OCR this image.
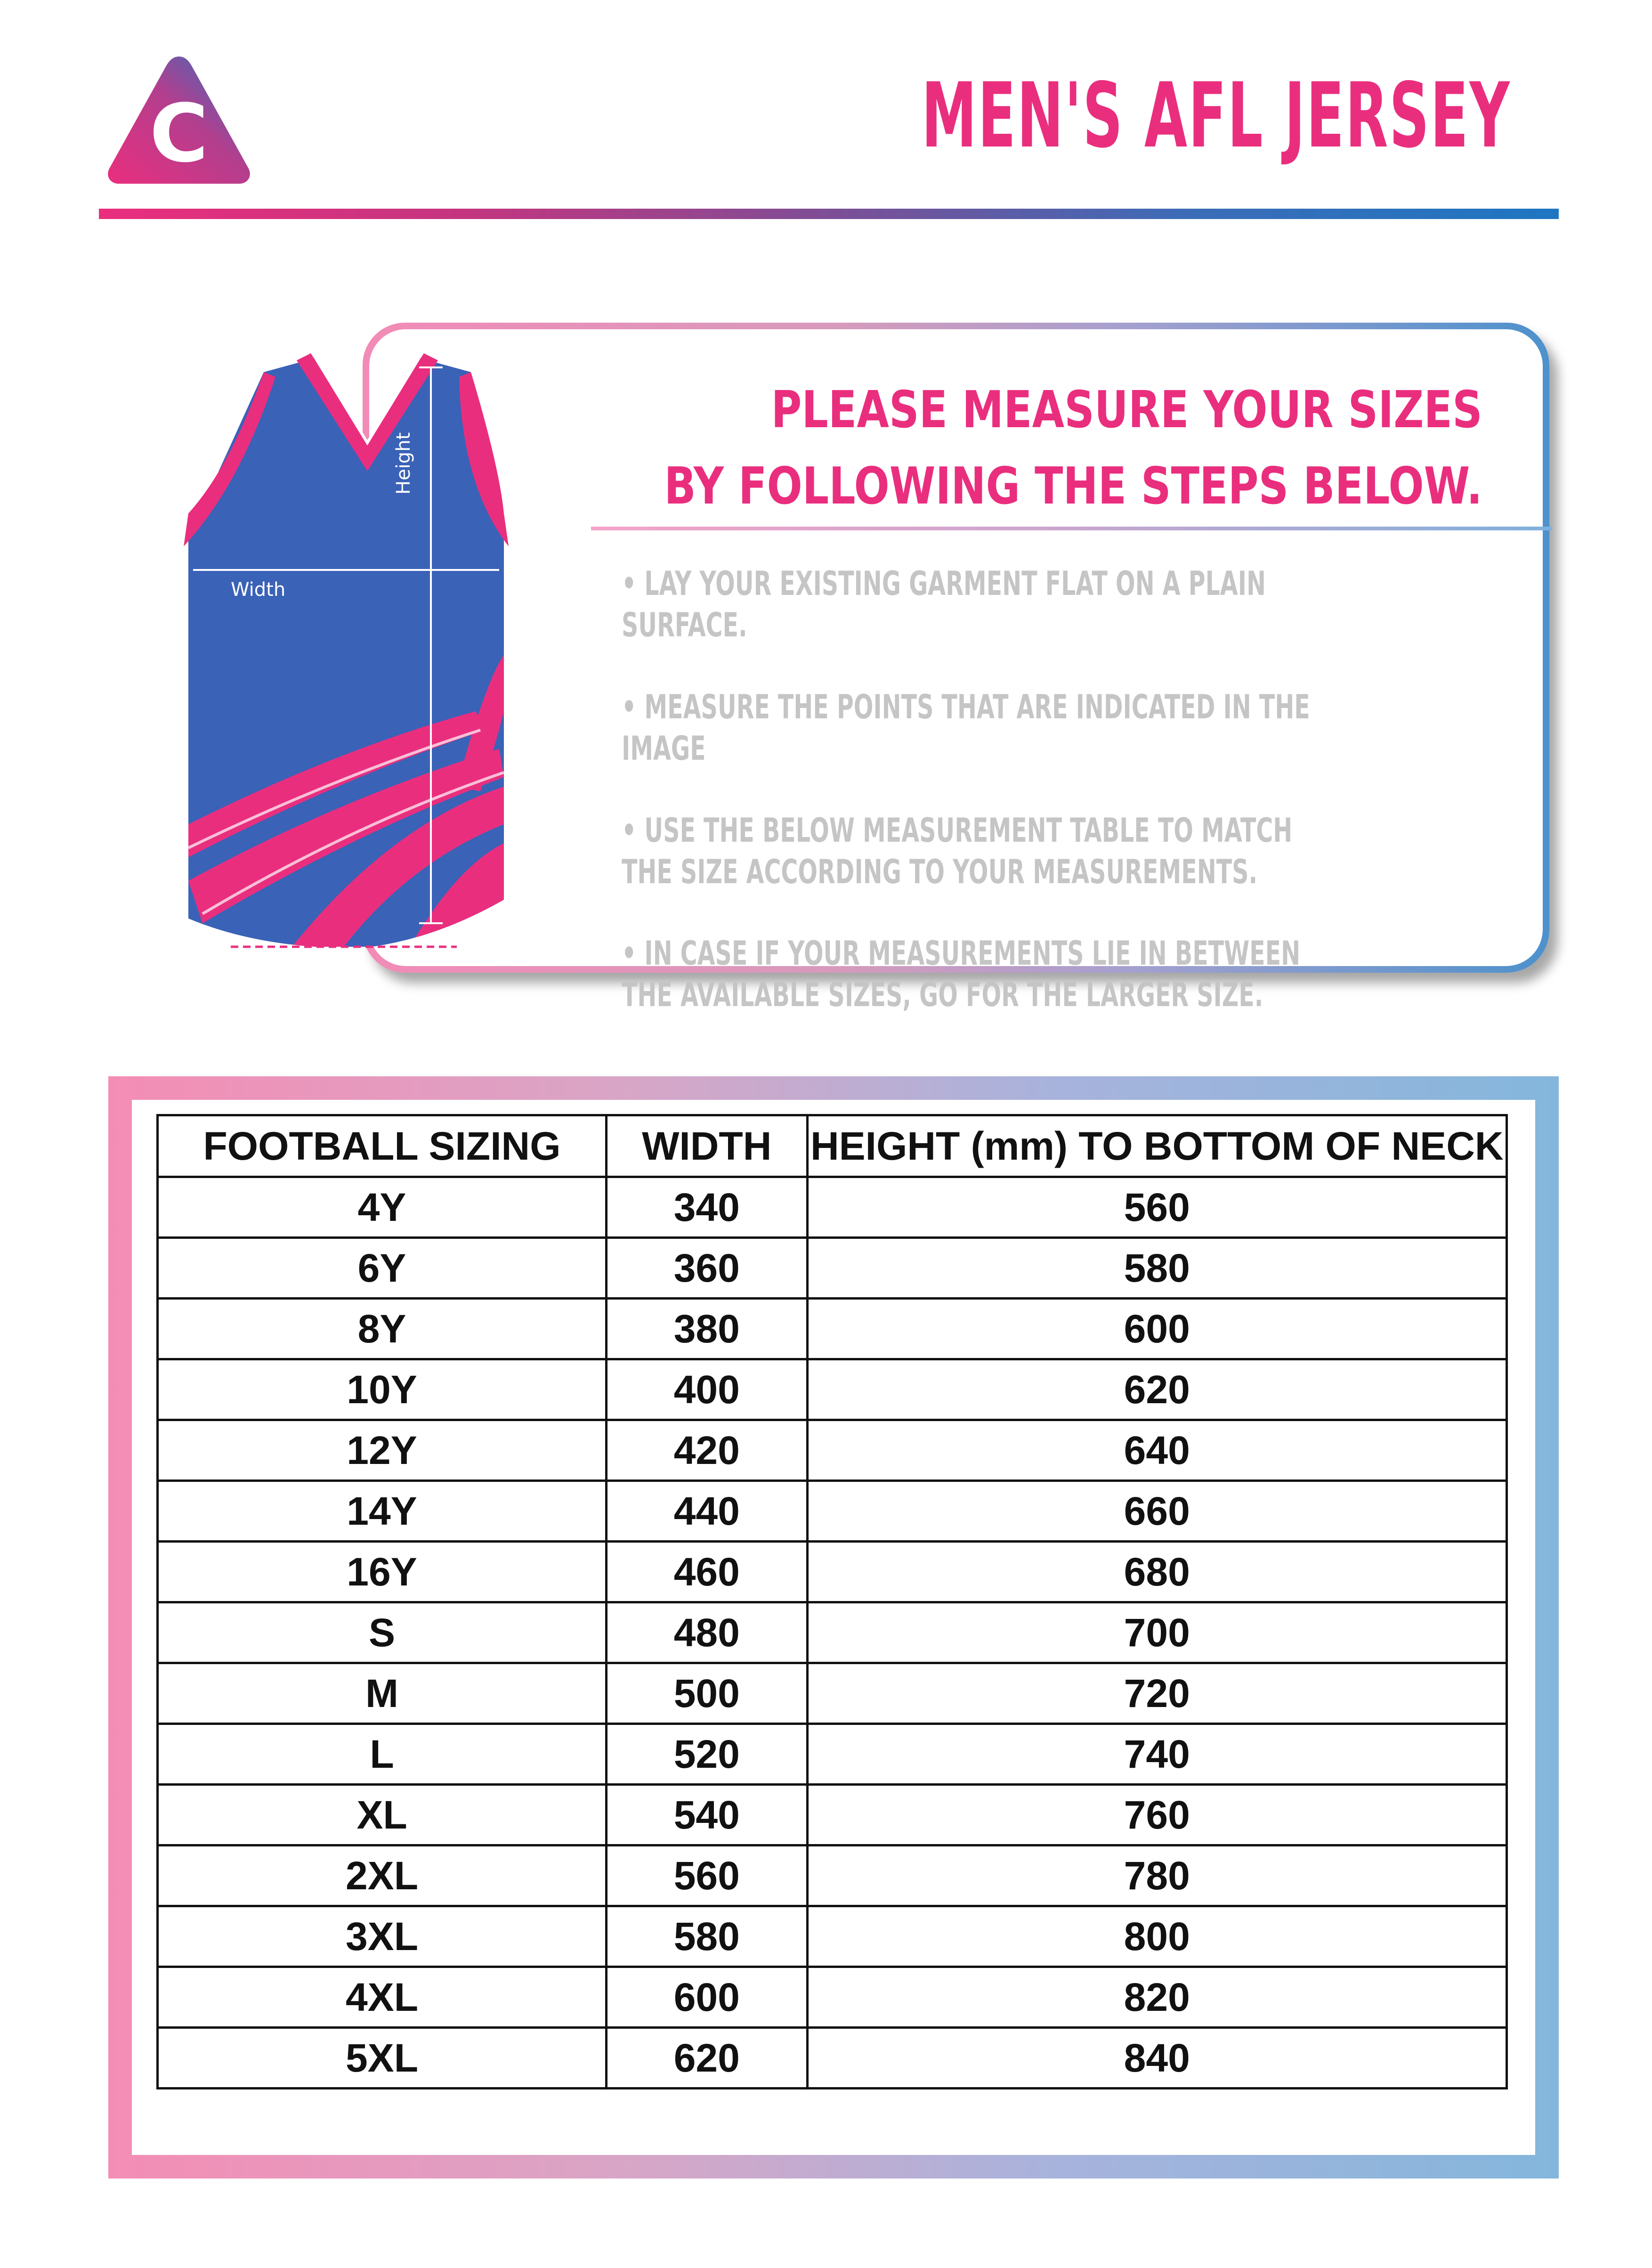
C	MEN'S AFL JERSEY
Width
Height
PLEASE MEASURE YOUR SIZES
BY FOLLOWING THE STEPS BELOW.
• LAY YOUR EXISTING GARMENT FLAT ON A PLAIN SURFACE.
• MEASURE THE POINTS THAT ARE INDICATED IN THE IMAGE
• USE THE BELOW MEASUREMENT TABLE TO MATCH THE SIZE ACCORDING TO YOUR MEASUREMENTS.
• IN CASE IF YOUR MEASUREMENTS LIE IN BETWEEN THE AVAILABLE SIZES, GO FOR THE LARGER SIZE.
FOOTBALL SIZING	WIDTH	HEIGHT (mm) TO BOTTOM OF NECK
4Y	340	560
6Y	360	580
8Y	380	600
10Y	400	620
12Y	420	640
14Y	440	660
16Y	460	680
S	480	700
M	500	720
L	520	740
XL	540	760
2XL	560	780
3XL	580	800
4XL	600	820
5XL	620	840
